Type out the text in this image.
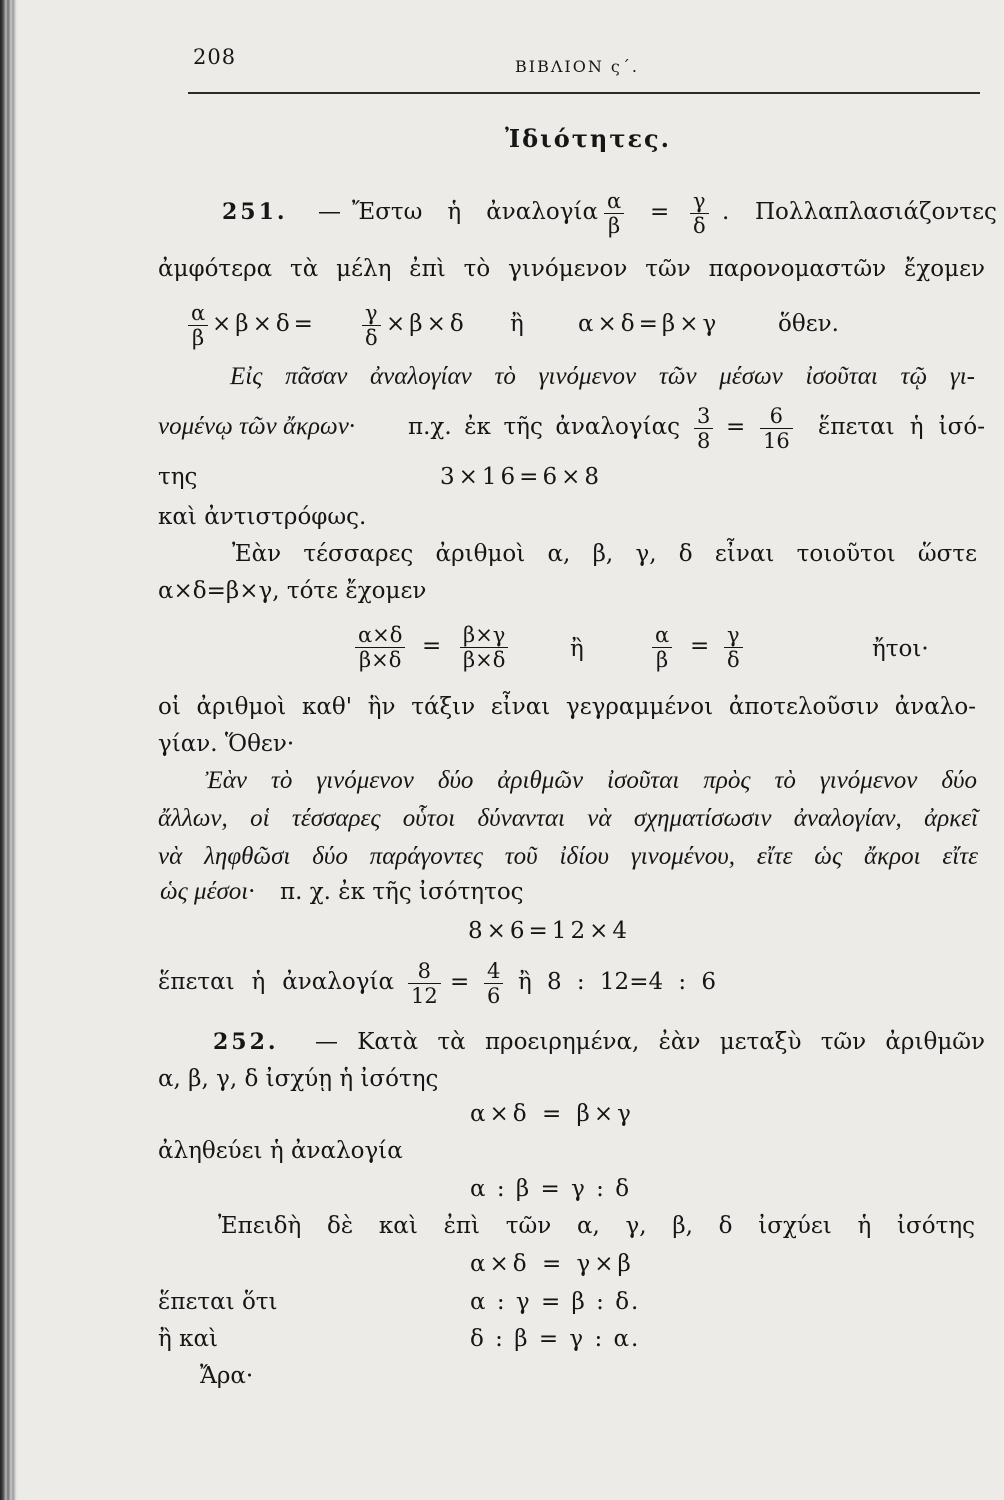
208	ΒΙΒΛΙΟΝ ς΄.
Ἰδιότητες.
251. — Ἔστω ἡ ἀναλογία $\frac{\alpha}{\beta} = \frac{\gamma}{\delta}$ . Πολλαπλασιάζοντες
ἀμφότερα τὰ μέλη ἐπὶ τὸ γινόμενον τῶν παρονομαστῶν ἔχομεν
$\frac{\alpha}{\beta} \times\beta\times\delta= \frac{\gamma}{\delta} \times\beta\times\delta$ ἢ α×δ=β×γ	ὅθεν.
Εἰς πᾶσαν ἀναλογίαν τὸ γινόμενον τῶν μέσων ἰσοῦται τῷ γι-
νομένῳ τῶν ἄκρων· π.χ. ἐκ τῆς ἀναλογίας $\frac{3}{8} = \frac{6}{16}$ ἕπεται ἡ ἰσό-
της	3×16=6×8
καὶ ἀντιστρόφως.
Ἐὰν τέσσαρες ἀριθμοὶ α, β, γ, δ εἶναι τοιοῦτοι ὥστε
α×δ=β×γ, τότε ἔχομεν
$\frac{\alpha\times\delta}{\beta\times\delta} = \frac{\beta\times\gamma}{\beta\times\delta}$	ἢ	$\frac{\alpha}{\beta} = \frac{\gamma}{\delta}$	ἤτοι·
οἱ ἀριθμοὶ καθ' ἣν τάξιν εἶναι γεγραμμένοι ἀποτελοῦσιν ἀναλο-
γίαν. Ὅθεν·
Ἐὰν τὸ γινόμενον δύο ἀριθμῶν ἰσοῦται πρὸς τὸ γινόμενον δύο
ἄλλων, οἱ τέσσαρες οὗτοι δύνανται νὰ σχηματίσωσιν ἀναλογίαν, ἀρκεῖ
νὰ ληφθῶσι δύο παράγοντες τοῦ ἰδίου γινομένου, εἴτε ὡς ἄκροι εἴτε
ὡς μέσοι· π. χ. ἐκ τῆς ἰσότητος
8×6=12×4
ἕπεται ἡ ἀναλογία $\frac{8}{12} = \frac{4}{6}$ ἢ 8 : 12=4 : 6
252. — Κατὰ τὰ προειρημένα, ἐὰν μεταξὺ τῶν ἀριθμῶν
α, β, γ, δ ἰσχύῃ ἡ ἰσότης
α×δ = β×γ
ἀληθεύει ἡ ἀναλογία
α : β = γ : δ
Ἐπειδὴ δὲ καὶ ἐπὶ τῶν α, γ, β, δ ἰσχύει ἡ ἰσότης
α×δ = γ×β
ἕπεται ὅτι	α : γ = β : δ.
ἢ καὶ	δ : β = γ : α.
Ἄρα·
